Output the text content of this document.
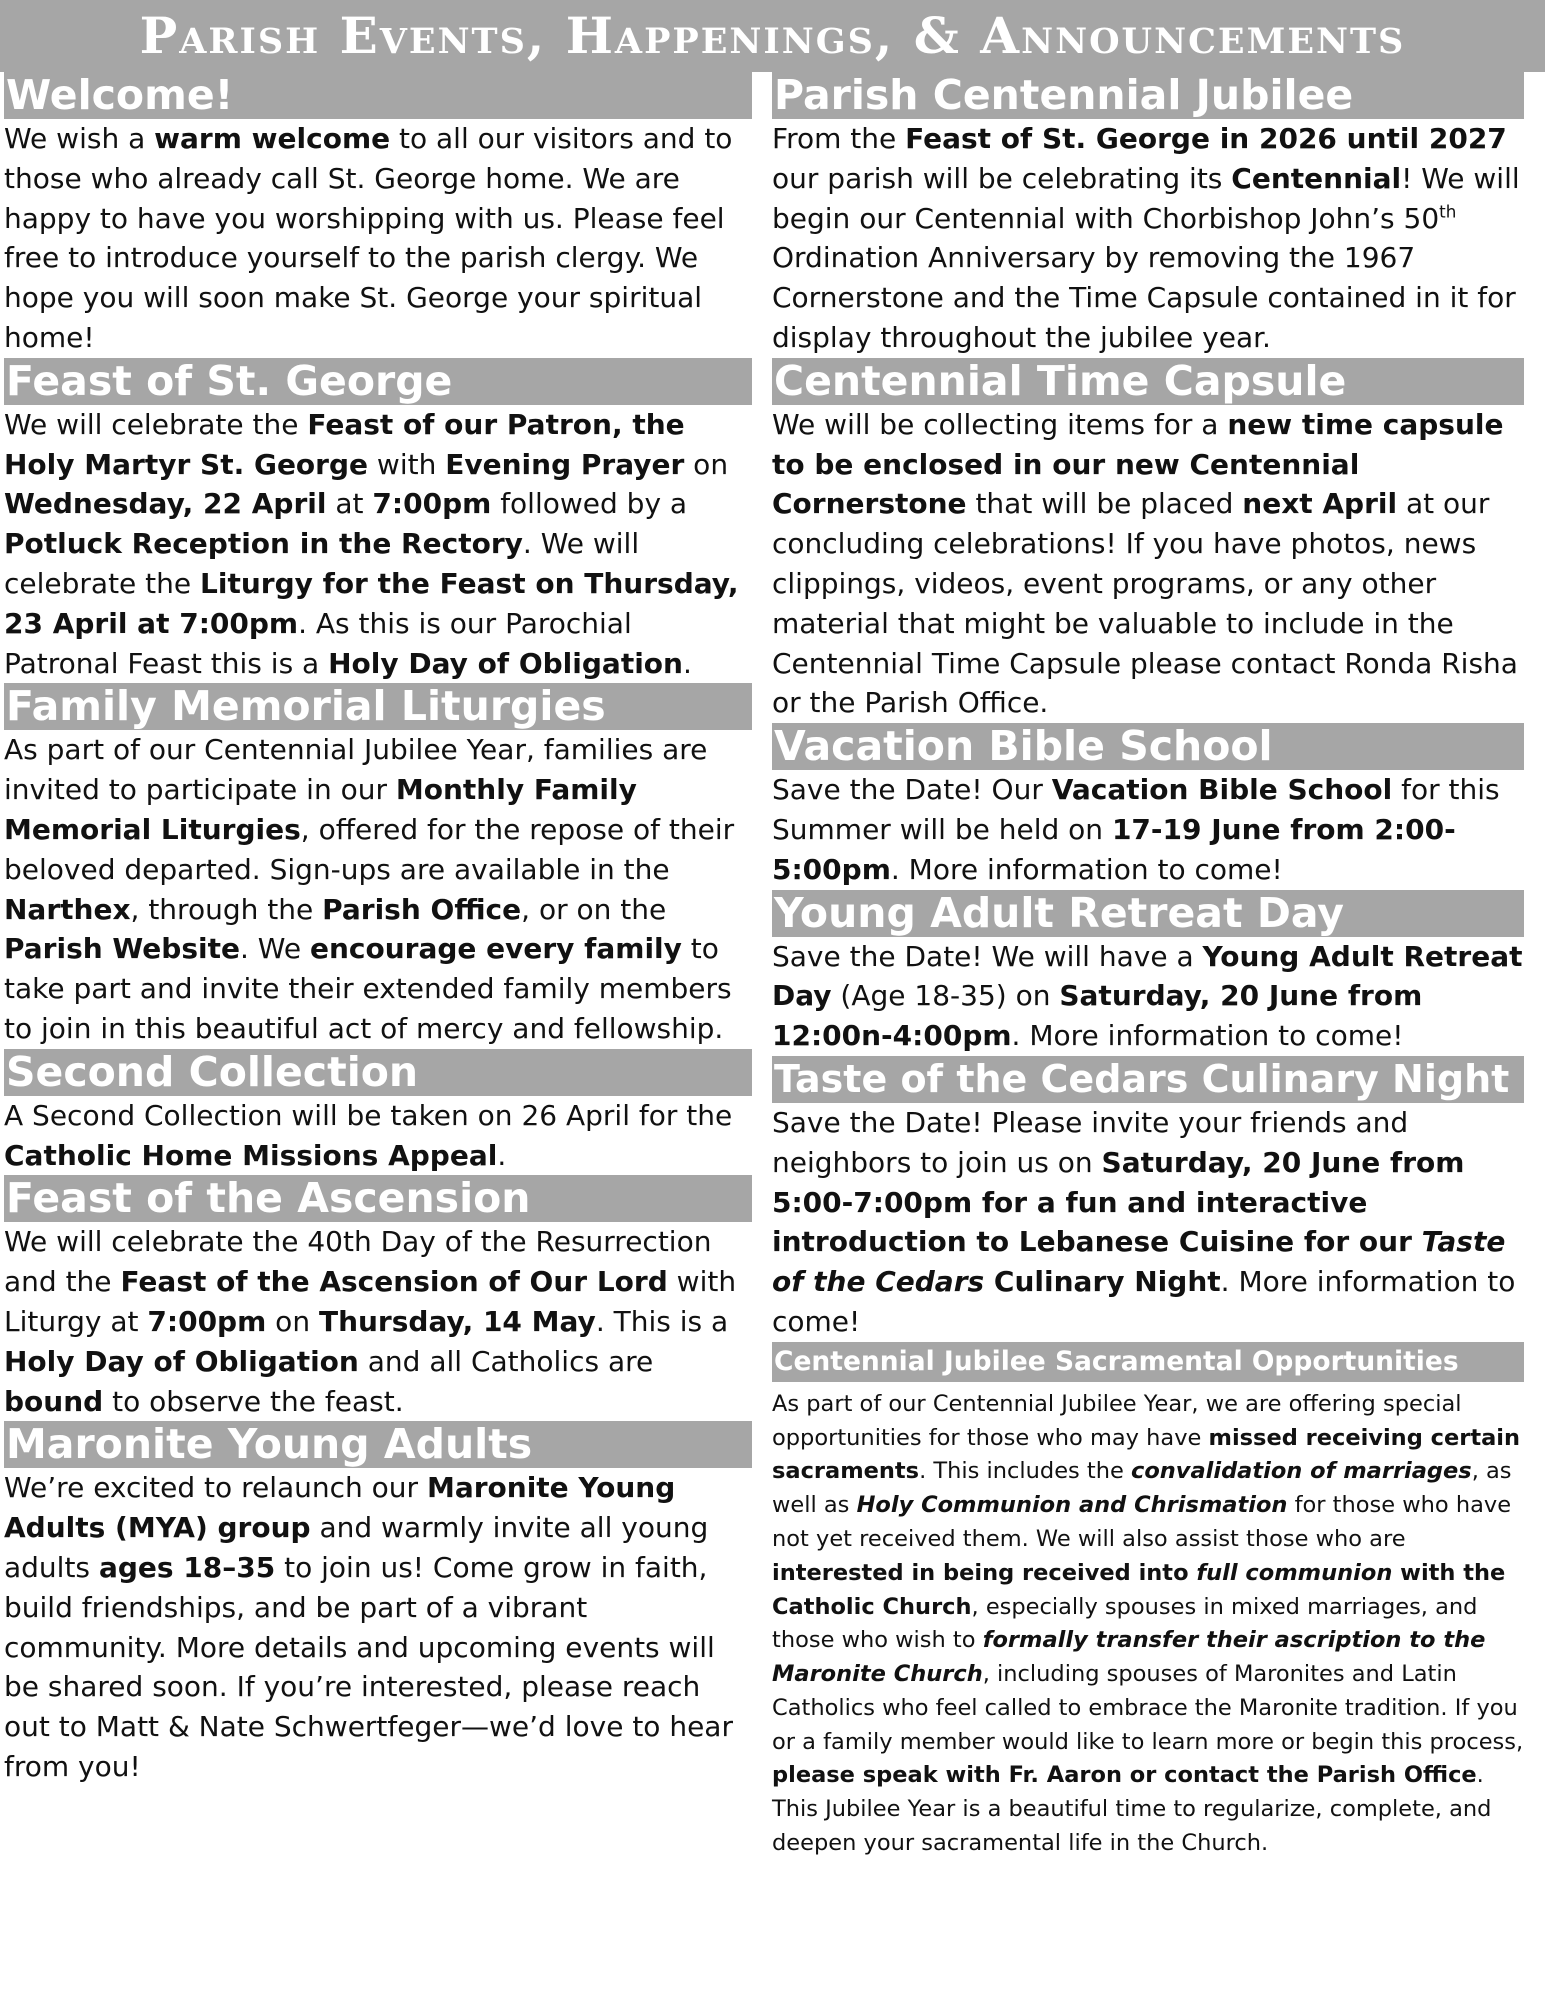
Parish Events, Happenings, & Announcements
Welcome!

We wish a warm welcome to all our visitors and to those who already call St. George home. We are happy to have you worshipping with us. Please feel free to introduce yourself to the parish clergy. We hope you will soon make St. George your spiritual home!

Feast of St. George

We will celebrate the Feast of our Patron, the Holy Martyr St. George with Evening Prayer on Wednesday, 22 April at 7:00pm followed by a Potluck Reception in the Rectory. We will celebrate the Liturgy for the Feast on Thursday, 23 April at 7:00pm. As this is our Parochial Patronal Feast this is a Holy Day of Obligation.

Family Memorial Liturgies

As part of our Centennial Jubilee Year, families are invited to participate in our Monthly Family Memorial Liturgies, offered for the repose of their beloved departed. Sign-ups are available in the Narthex, through the Parish Office, or on the Parish Website. We encourage every family to take part and invite their extended family members to join in this beautiful act of mercy and fellowship.

Second Collection

A Second Collection will be taken on 26 April for the Catholic Home Missions Appeal.

Feast of the Ascension

We will celebrate the 40th Day of the Resurrection and the Feast of the Ascension of Our Lord with Liturgy at 7:00pm on Thursday, 14 May. This is a Holy Day of Obligation and all Catholics are bound to observe the feast.

Maronite Young Adults

We’re excited to relaunch our Maronite Young Adults (MYA) group and warmly invite all young adults ages 18–35 to join us! Come grow in faith, build friendships, and be part of a vibrant community. More details and upcoming events will be shared soon. If you’re interested, please reach out to Matt & Nate Schwertfeger—we’d love to hear from you!

Parish Centennial Jubilee

From the Feast of St. George in 2026 until 2027 our parish will be celebrating its Centennial! We will begin our Centennial with Chorbishop John’s 50th Ordination Anniversary by removing the 1967 Cornerstone and the Time Capsule contained in it for display throughout the jubilee year.

Centennial Time Capsule

We will be collecting items for a new time capsule to be enclosed in our new Centennial Cornerstone that will be placed next April at our concluding celebrations! If you have photos, news clippings, videos, event programs, or any other material that might be valuable to include in the Centennial Time Capsule please contact Ronda Risha or the Parish Office.

Vacation Bible School

Save the Date! Our Vacation Bible School for this Summer will be held on 17-19 June from 2:00-5:00pm. More information to come!

Young Adult Retreat Day

Save the Date! We will have a Young Adult Retreat Day (Age 18-35) on Saturday, 20 June from 12:00n-4:00pm. More information to come!

Taste of the Cedars Culinary Night

Save the Date! Please invite your friends and neighbors to join us on Saturday, 20 June from 5:00-7:00pm for a fun and interactive introduction to Lebanese Cuisine for our Taste of the Cedars Culinary Night. More information to come!

Centennial Jubilee Sacramental Opportunities

As part of our Centennial Jubilee Year, we are offering special opportunities for those who may have missed receiving certain sacraments. This includes the convalidation of marriages, as well as Holy Communion and Chrismation for those who have not yet received them. We will also assist those who are interested in being received into full communion with the Catholic Church, especially spouses in mixed marriages, and those who wish to formally transfer their ascription to the Maronite Church, including spouses of Maronites and Latin Catholics who feel called to embrace the Maronite tradition. If you or a family member would like to learn more or begin this process, please speak with Fr. Aaron or contact the Parish Office. This Jubilee Year is a beautiful time to regularize, complete, and deepen your sacramental life in the Church.
